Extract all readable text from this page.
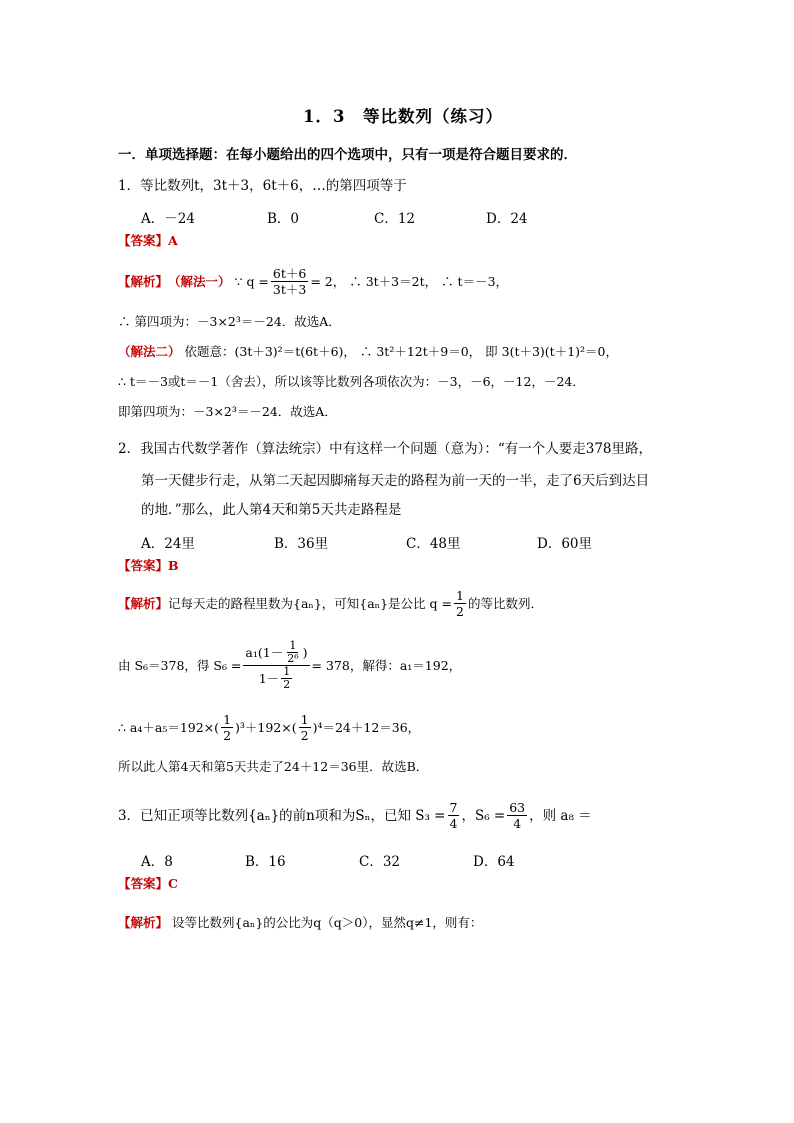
1．3　等比数列（练习）
一．单项选择题：在每小题给出的四个选项中，只有一项是符合题目要求的．
1．等比数列t，3t＋3，6t＋6，…的第四项等于
A．－24	B．0	C．12	D．24
【答案】A
【解析】 （解法一） ∵ $q = \frac{6t+6}{3t+3} = 2$， ∴ 3t＋3＝2t， ∴ t＝－3，
∴ 第四项为：－3×2³＝－24．故选A．
（解法二） 依题意：(3t＋3)²＝t(6t＋6)， ∴ 3t²＋12t＋9＝0， 即 3(t＋3)(t＋1)²＝0，
∴ t＝－3或t＝－1（舍去），所以该等比数列各项依次为：－3，－6，－12，－24．
即第四项为：－3×2³＝－24．故选A．
2．我国古代数学著作（算法统宗）中有这样一个问题（意为）：“有一个人要走378里路，
第一天健步行走，从第二天起因脚痛每天走的路程为前一天的一半，走了6天后到达目
的地．”那么，此人第4天和第5天共走路程是
A．24里	B．36里	C．48里	D．60里
【答案】B
【解析】 记每天走的路程里数为{aₙ}，可知{aₙ}是公比 $q = \frac{1}{2}$ 的等比数列．
由 S₆＝378，得 $S_6 = \frac{a_1(1- \frac{1}{\text{2⁶}} )}{1- \frac{1}{2}} = 378$，解得：a₁＝192，
∴ $a_4+a_5=192\times( \frac{1}{2} )^3+192\times( \frac{1}{2} )^4=24+12=36$，
所以此人第4天和第5天共走了24＋12＝36里．故选B．
3．已知正项等比数列{aₙ}的前n项和为Sₙ，已知 $S_3 = \frac{7}{4}$ ，$S_6 = \frac{63}{4}$ ，则 a₈ ＝
A．8	B．16	C．32	D．64
【答案】C
【解析】 设等比数列{aₙ}的公比为q（q＞0），显然q≠1，则有：
